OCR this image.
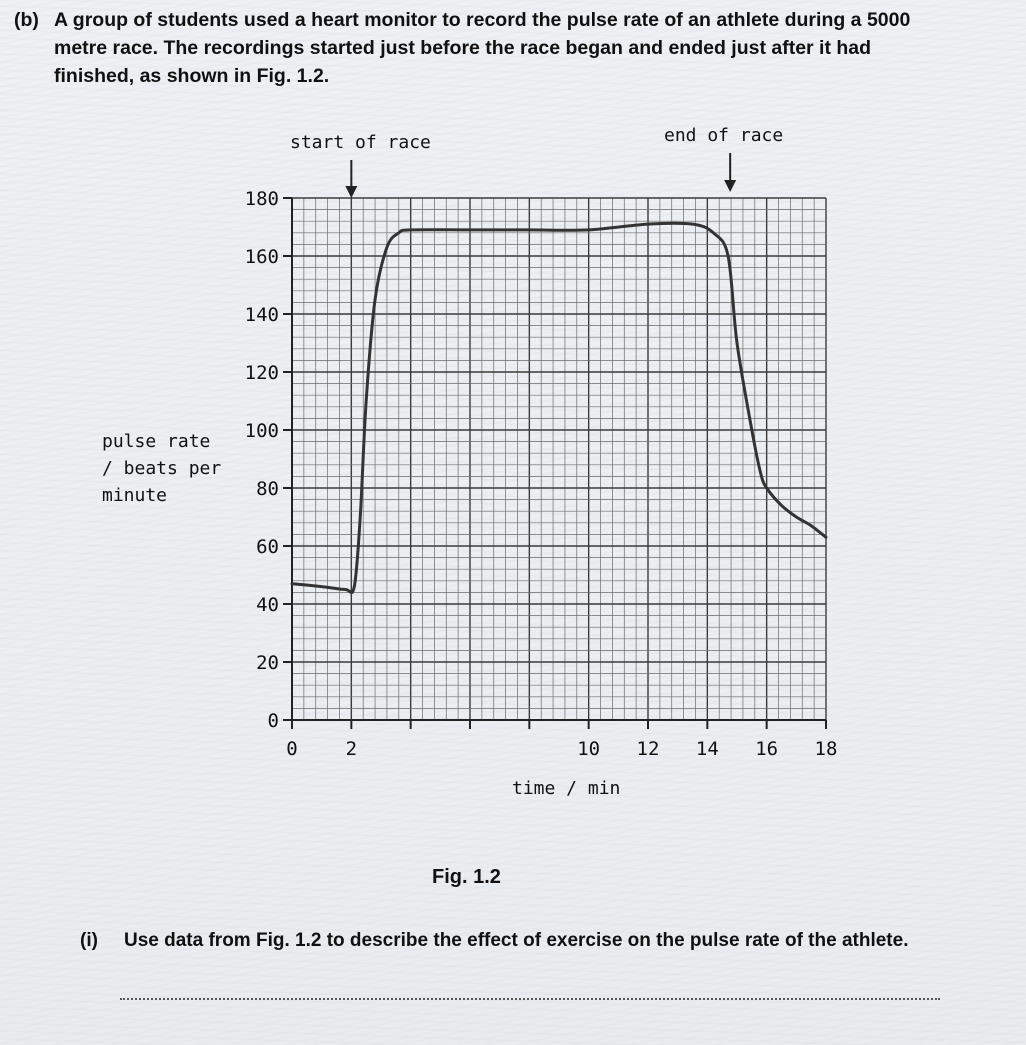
(b) A group of students used a heart monitor to record the pulse rate of an athlete during a 5000
metre race. The recordings started just before the race began and ended just after it had
finished, as shown in Fig. 1.2.
start of race	end of race
pulse rate
/ beats per
minute
time / min
0
20
40
60
80
100
120
140
160
180
0	2	10 12 14 16 18
Fig. 1.2
(i) Use data from Fig. 1.2 to describe the effect of exercise on the pulse rate of the athlete.
